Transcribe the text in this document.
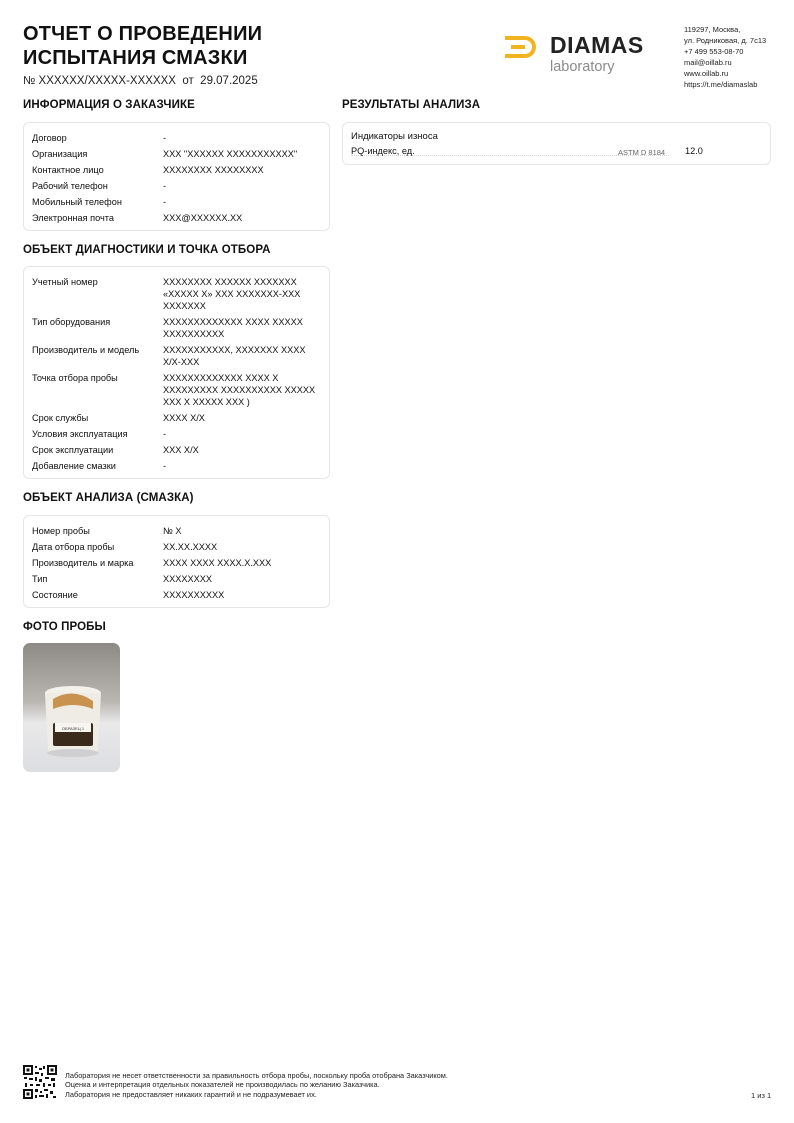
ОТЧЕТ О ПРОВЕДЕНИИ
ИСПЫТАНИЯ СМАЗКИ
№ XXXXXX/XXXXX-XXXXXX от 29.07.2025
DIAMAS
laboratory
119297, Москва,
ул. Родниковая, д. 7с13
+7 499 553-08-70
mail@oillab.ru
www.oillab.ru
https://t.me/diamaslab
ИНФОРМАЦИЯ О ЗАКАЗЧИКЕ
Договор	-
Организация	XXX "XXXXXX XXXXXXXXXXX"
Контактное лицо	XXXXXXXX XXXXXXXX
Рабочий телефон	-
Мобильный телефон	-
Электронная почта	XXX@XXXXXX.XX
ОБЪЕКТ ДИАГНОСТИКИ И ТОЧКА ОТБОРА
Учетный номер	XXXXXXXX XXXXXX XXXXXXX «XXXXX X» XXX XXXXXXX-XXX XXXXXXX
Тип оборудования	XXXXXXXXXXXXX XXXX XXXXX XXXXXXXXXX
Производитель и модель	XXXXXXXXXXX, XXXXXXX XXXX X/X-XXX
Точка отбора пробы	XXXXXXXXXXXXX XXXX X XXXXXXXXX XXXXXXXXXX XXXXX XXX X XXXXX XXX )
Срок службы	XXXX X/X
Условия эксплуатация	-
Срок эксплуатации	XXX X/X
Добавление смазки	-
ОБЪЕКТ АНАЛИЗА (СМАЗКА)
Номер пробы	№ X
Дата отбора пробы	XX.XX.XXXX
Производитель и марка	XXXX XXXX XXXX.X.XXX
Тип	XXXXXXXX
Состояние	XXXXXXXXXX
ФОТО ПРОБЫ
ОБРАЗЕЦ 1
РЕЗУЛЬТАТЫ АНАЛИЗА
Индикаторы износа
PQ-индекс, ед.	ASTM D 8184 12.0
Лаборатория не несет ответственности за правильность отбора пробы, поскольку проба отобрана Заказчиком.
Оценка и интерпретация отдельных показателей не производилась по желанию Заказчика.
Лаборатория не предоставляет никаких гарантий и не подразумевает их.	1 из 1
